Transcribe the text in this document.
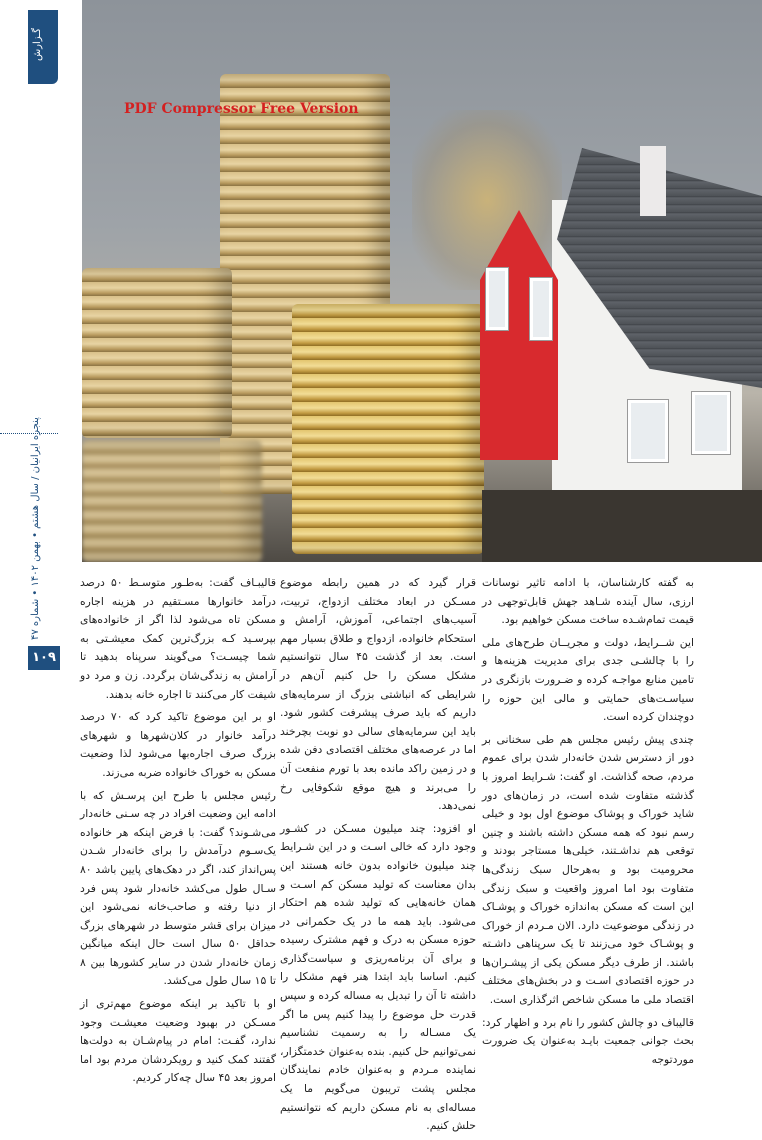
گـزارش
پنجره ایرانیان / سال هشتم • بهمن ۱۴۰۲ • شماره ۴۷
۱۰۹
PDF Compressor Free Version

به گفته کارشناسان، با ادامه تاثیر نوسانات ارزی، سال آینده شـاهد جهش قابل‌توجهی در قیمت تمام‌شـده ساخت مسکن خواهیم بود.

این شــرایط، دولت و مجریــان طرح‌های ملی را با چالشـی جدی برای مدیریت هزینه‌ها و تامین منابع مواجـه کرده و ضـرورت بازنگری در سیاسـت‌های حمایتی و مالی این حوزه را دوچندان کرده است.

چندی پیش رئیس مجلس هم طی سخنانی بر دور از دسترس شدن خانه‌دار شدن برای عموم مردم، صحه گذاشت. او گفت: شـرایط امروز با گذشته متفاوت شده است، در زمان‌های دور شاید خوراک و پوشاک موضوع اول بود و خیلی رسم نبود که همه مسکن داشته باشند و چنین توقعی هم نداشـتند، خیلی‌ها مستاجر بودند و محرومیت بود و به‌هرحال سبک زندگی‌ها متفاوت بود اما امروز واقعیت و سبک زندگی این است که مسکن به‌اندازه خوراک و پوشـاک در زندگی موضوعیت دارد. الان مـردم از خوراک و پوشـاک خود می‌زنند تا یک سرپناهی داشـته باشند. از طرف دیگر مسکن یکی از پیشـران‌ها در حوزه اقتصادی اسـت و در بخش‌های مختلف اقتصاد ملی ما مسکن شاخص اثرگذاری است.

قالیباف دو چالش کشور را نام برد و اظهار کرد: بحث جوانی جمعیت بایـد به‌عنوان یک ضرورت موردتوجه

قرار گیرد که در همین رابطه موضوع مسـکن در ابعاد مختلف ازدواج، تربیت، آسیب‌های اجتماعی، آموزش، آرامش و استحکام خانواده، ازدواج و طلاق بسیار مهم است. بعد از گذشت ۴۵ سال نتوانستیم مشکل مسکن را حل کنیم آن‌هم در شرایطی که انباشتی بزرگ از سرمایه‌های داریم که باید صرف پیشرفت کشور شود. باید این سرمایه‌های سالی دو نوبت بچرخند اما در عرصه‌های مختلف اقتصادی دفن شده و در زمین راکد مانده بعد با تورم منفعت آن را می‌برند و هیچ موقع شکوفایی رخ نمی‌دهد.

او افزود: چند میلیون مسـکن در کشـور وجود دارد که خالی اسـت و در این شـرایط چند میلیون خانواده بدون خانه هستند این بدان معناست که تولید مسکن کم اسـت و همان خانه‌هایی که تولید شده هم احتکار می‌شود. باید همه ما در یک حکمرانی در حوزه مسکن به درک و فهم مشترک رسیده و برای آن برنامه‌ریزی و سیاست‌گذاری کنیم. اساسا باید ابتدا هنر فهم مشکل را داشته تا آن را تبدیل به مساله کرده و سپس قدرت حل موضوع را پیدا کنیم پس ما اگر یک مسـاله را به رسمیت نشناسیم نمی‌توانیم حل کنیم. بنده به‌عنوان خدمتگزار، نماینده مـردم و به‌عنوان خادم نمایندگان مجلس پشت تریبون می‌گویم ما یک مساله‌ای به نام مسکن داریم که نتوانستیم حلش کنیم.

قالیبـاف گفت: به‌طـور متوسـط ۵۰ درصد درآمد خانوارها مسـتقیم در هزینه اجاره مسکن تاه می‌شود لذا اگر از خانواده‌های بپرسـید کـه بزرگ‌ترین کمک معیشـتی به شما چیسـت؟ می‌گویند سرپناه بدهید تا آرامش به زندگی‌شان برگردد. زن و مرد دو شیفت کار می‌کنند تا اجاره خانه بدهند.

او بر این موضوع تاکید کرد که ۷۰ درصد درآمد خانوار در کلان‌شهرها و شهرهای بزرگ صرف اجاره‌بها می‌شود لذا وضعیت مسکن به خوراک خانواده ضربه می‌زند.

رئیس مجلس با طرح این پرسـش که با ادامه این وضعیت افراد در چه سـنی خانه‌دار می‌شـوند؟ گفت: با فرض اینکه هر خانواده یک‌سـوم درآمدش را برای خانه‌دار شـدن پس‌انداز کند، اگر در دهک‌های پایین باشد ۸۰ سـال طول می‌کشد خانه‌دار شود پس فرد از دنیا رفته و صاحب‌خانه نمی‌شود این میزان برای قشر متوسط در شهرهای بزرگ حداقل ۵۰ سال است حال اینکه میانگین زمان خانه‌دار شدن در سایر کشورها بین ۸ تا ۱۵ سال طول می‌کشد.

او با تاکید بر اینکه موضوع مهم‌تری از مسـکن در بهبود وضعیت معیشـت وجود ندارد، گفـت: امام در پیام‌شـان به دولت‌ها گفتند کمک کنید و رویکردشان مردم بود اما امروز بعد ۴۵ سال چه‌کار کردیم.
